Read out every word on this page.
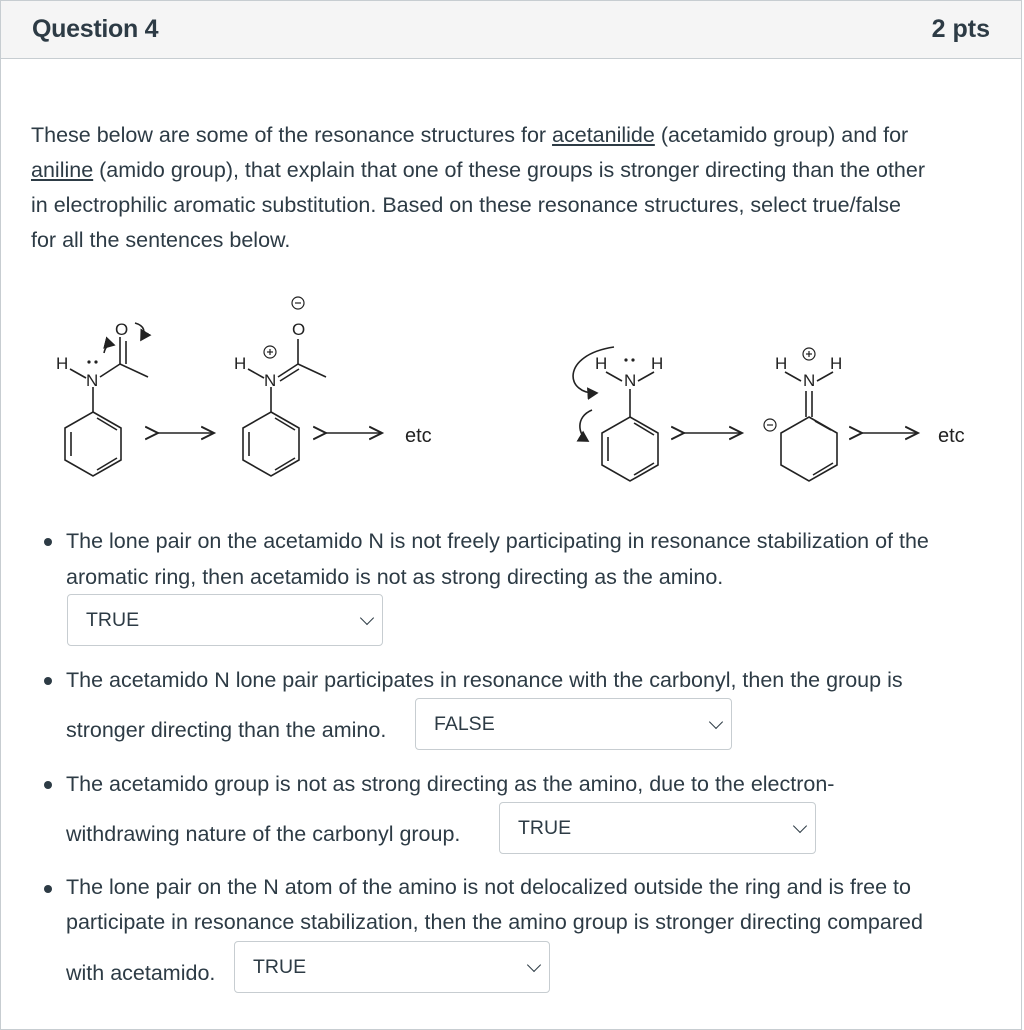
Question 4	2 pts
These below are some of the resonance structures for acetanilide (acetamido group) and for
aniline (amido group), that explain that one of these groups is stronger directing than the other
in electrophilic aromatic substitution. Based on these resonance structures, select true/false
for all the sentences below.
H
N
O
H
N
O
H
N
H	H
N
H
etc	etc
The lone pair on the acetamido N is not freely participating in resonance stabilization of the
aromatic ring, then acetamido is not as strong directing as the amino.
TRUE
The acetamido N lone pair participates in resonance with the carbonyl, then the group is
stronger directing than the amino. FALSE
The acetamido group is not as strong directing as the amino, due to the electron-
withdrawing nature of the carbonyl group.	TRUE
The lone pair on the N atom of the amino is not delocalized outside the ring and is free to
participate in resonance stabilization, then the amino group is stronger directing compared
with acetamido. TRUE
